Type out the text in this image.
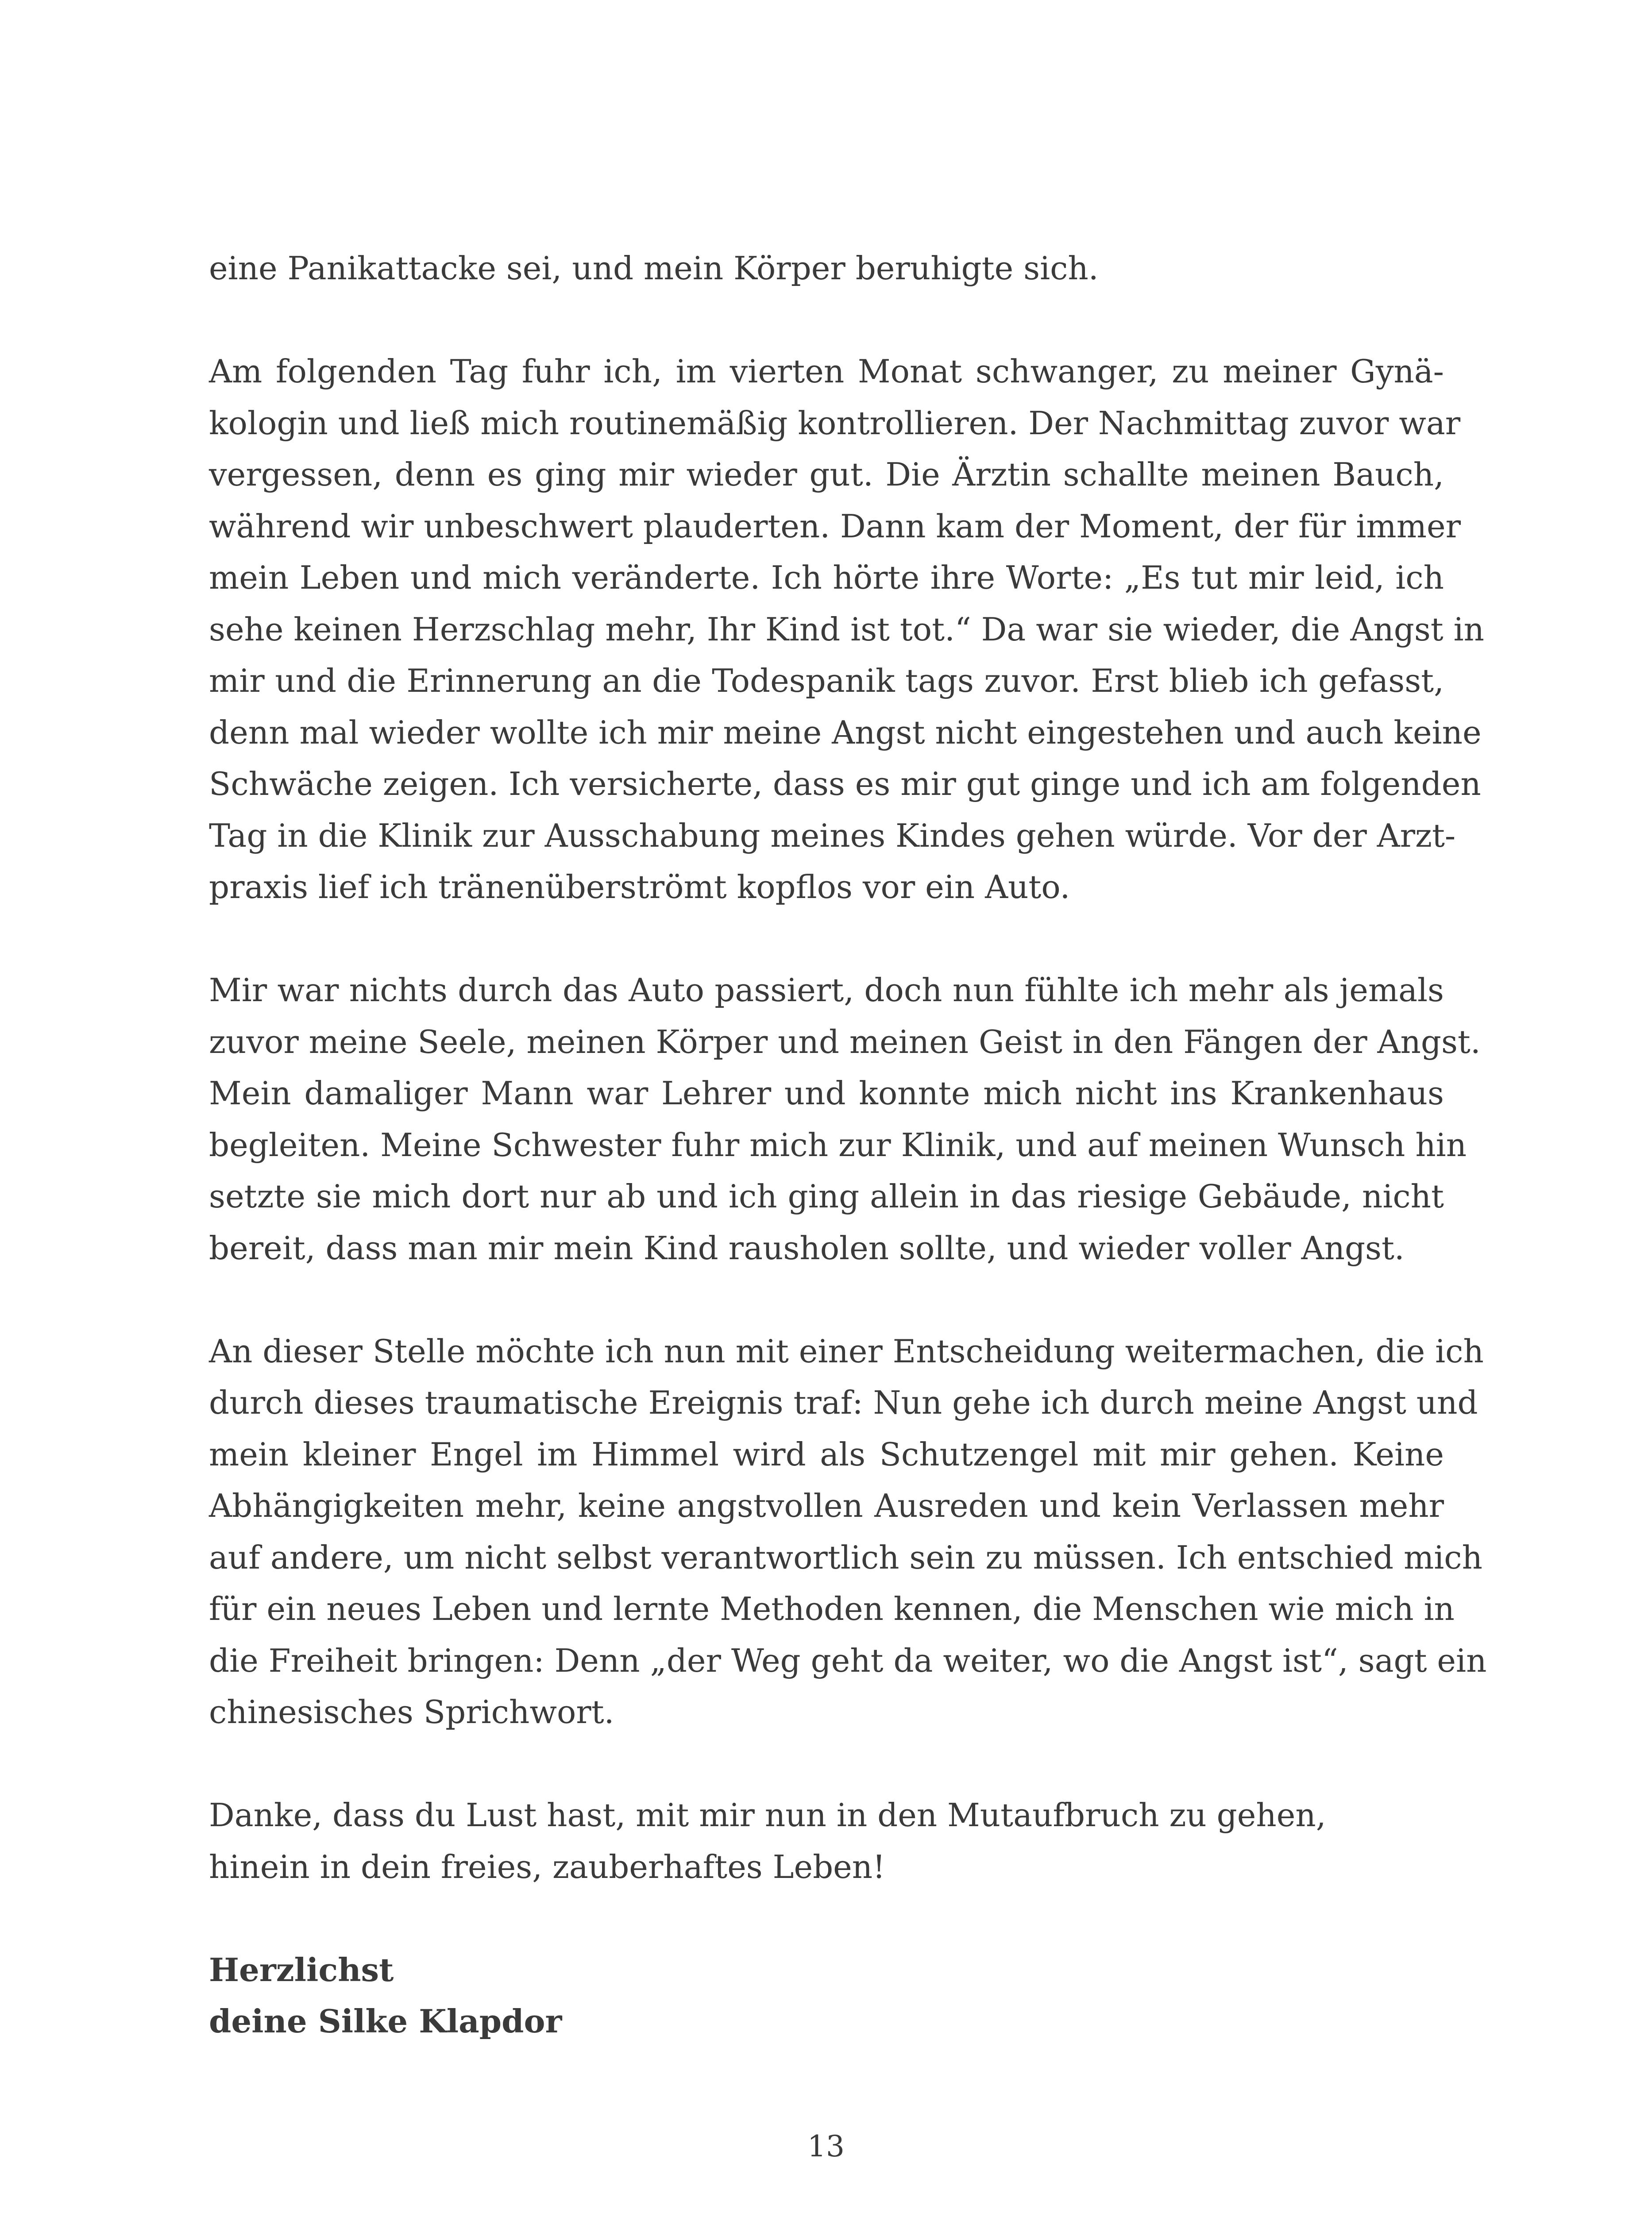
eine Panikattacke sei, und mein Körper beruhigte sich.
Am folgenden Tag fuhr ich, im vierten Monat schwanger, zu meiner Gynä-
kologin und ließ mich routinemäßig kontrollieren. Der Nachmittag zuvor war
vergessen, denn es ging mir wieder gut. Die Ärztin schallte meinen Bauch,
während wir unbeschwert plauderten. Dann kam der Moment, der für immer
mein Leben und mich veränderte. Ich hörte ihre Worte: „Es tut mir leid, ich
sehe keinen Herzschlag mehr, Ihr Kind ist tot.“ Da war sie wieder, die Angst in
mir und die Erinnerung an die Todespanik tags zuvor. Erst blieb ich gefasst,
denn mal wieder wollte ich mir meine Angst nicht eingestehen und auch keine
Schwäche zeigen. Ich versicherte, dass es mir gut ginge und ich am folgenden
Tag in die Klinik zur Ausschabung meines Kindes gehen würde. Vor der Arzt-
praxis lief ich tränenüberströmt kopflos vor ein Auto.
Mir war nichts durch das Auto passiert, doch nun fühlte ich mehr als jemals
zuvor meine Seele, meinen Körper und meinen Geist in den Fängen der Angst.
Mein damaliger Mann war Lehrer und konnte mich nicht ins Krankenhaus
begleiten. Meine Schwester fuhr mich zur Klinik, und auf meinen Wunsch hin
setzte sie mich dort nur ab und ich ging allein in das riesige Gebäude, nicht
bereit, dass man mir mein Kind rausholen sollte, und wieder voller Angst.
An dieser Stelle möchte ich nun mit einer Entscheidung weitermachen, die ich
durch dieses traumatische Ereignis traf: Nun gehe ich durch meine Angst und
mein kleiner Engel im Himmel wird als Schutzengel mit mir gehen. Keine
Abhängigkeiten mehr, keine angstvollen Ausreden und kein Verlassen mehr
auf andere, um nicht selbst verantwortlich sein zu müssen. Ich entschied mich
für ein neues Leben und lernte Methoden kennen, die Menschen wie mich in
die Freiheit bringen: Denn „der Weg geht da weiter, wo die Angst ist“, sagt ein
chinesisches Sprichwort.
Danke, dass du Lust hast, mit mir nun in den Mutaufbruch zu gehen,
hinein in dein freies, zauberhaftes Leben!
Herzlichst
deine Silke Klapdor
13
